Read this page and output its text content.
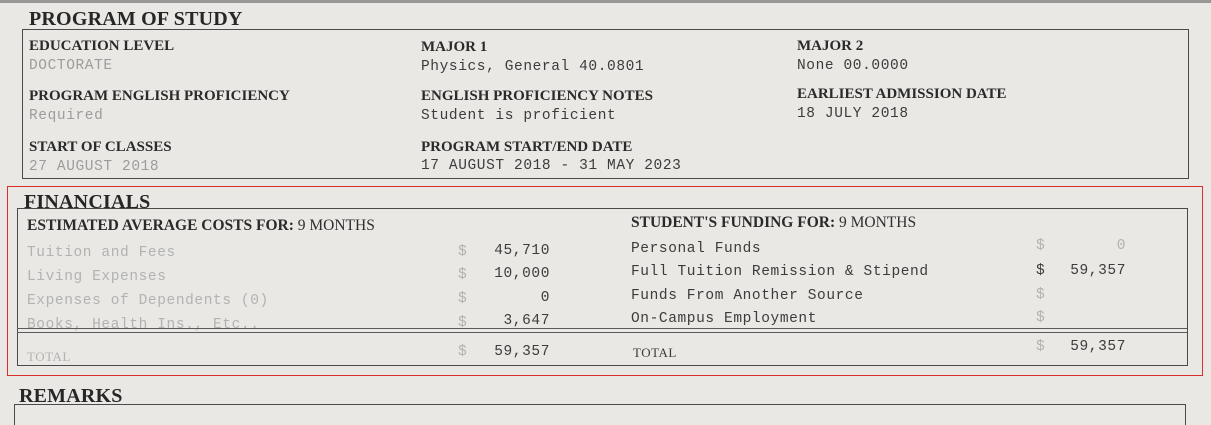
PROGRAM OF STUDY
EDUCATION LEVEL
DOCTORATE
MAJOR 1
Physics, General 40.0801
MAJOR 2
None 00.0000
PROGRAM ENGLISH PROFICIENCY
Required
ENGLISH PROFICIENCY NOTES
Student is proficient
EARLIEST ADMISSION DATE
18 JULY 2018
START OF CLASSES
27 AUGUST 2018
PROGRAM START/END DATE
17 AUGUST 2018 - 31 MAY 2023
FINANCIALS
ESTIMATED AVERAGE COSTS FOR: 9 MONTHS	STUDENT'S FUNDING FOR: 9 MONTHS
Tuition and Fees	$	45,710
Living Expenses	$	10,000
Expenses of Dependents (0)	$	0
Books, Health Ins., Etc..	$	3,647
Personal Funds	$	0
Full Tuition Remission & Stipend	$	59,357
Funds From Another Source	$
On-Campus Employment	$
TOTAL	$	59,357	TOTAL	$	59,357
REMARKS
